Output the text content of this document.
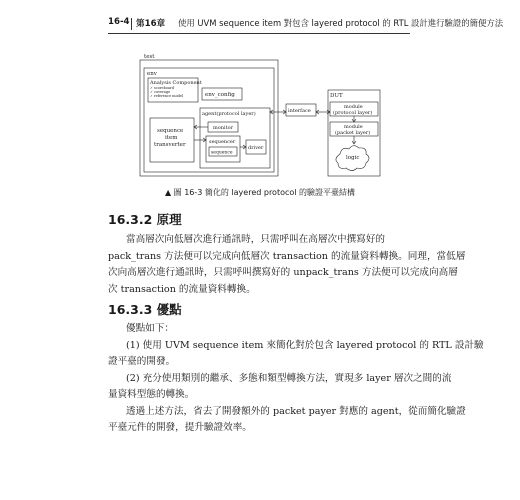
16-4 第16章 使用 UVM sequence item 對包含 layered protocol 的 RTL 設計進行驗證的簡便方法
test
env
Analysis Component
scoreboard
coverage
reference model
✓
✓
✓	env_config
agent(protocol layer)
monitor
sequencer
sequence
driver
sequence
item
transverter
interface
DUT
module
(protocol layer)
module
(packet layer)
logic
▲ 圖 16-3 簡化的 layered protocol 的驗證平臺結構
16.3.2 原理
當高層次向低層次進行通訊時，只需呼叫在高層次中撰寫好的
pack_trans 方法便可以完成向低層次 transaction 的流量資料轉換。同理，當低層
次向高層次進行通訊時，只需呼叫撰寫好的 unpack_trans 方法便可以完成向高層
次 transaction 的流量資料轉換。
16.3.3 優點
優點如下：
(1) 使用 UVM sequence item 來簡化對於包含 layered protocol 的 RTL 設計驗
證平臺的開發。
(2) 充分使用類別的繼承、多態和類型轉換方法，實現多 layer 層次之間的流
量資料型態的轉換。
透過上述方法，省去了開發額外的 packet payer 對應的 agent，從而簡化驗證
平臺元件的開發，提升驗證效率。
